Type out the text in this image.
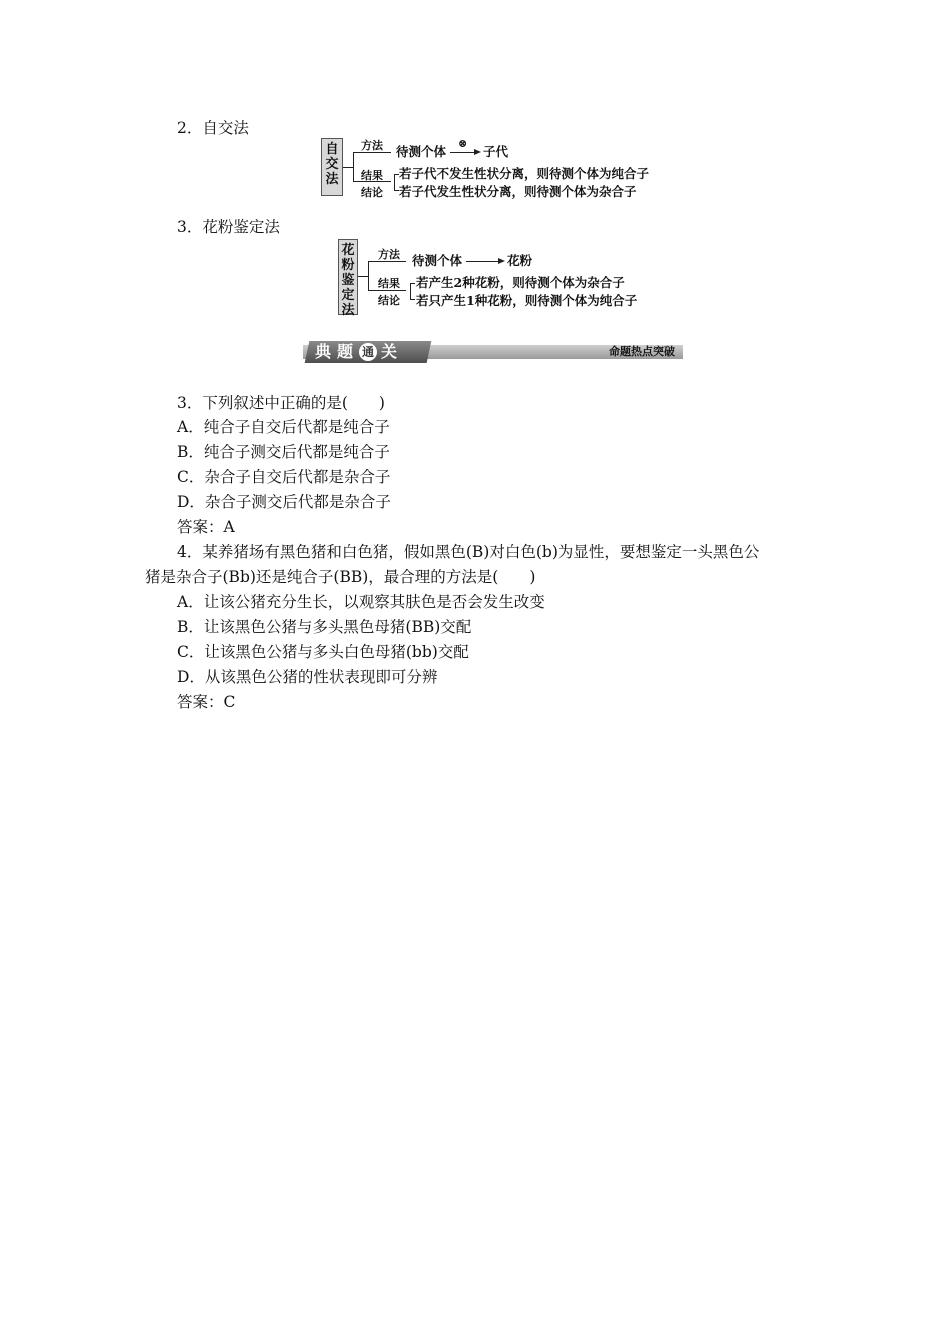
2．自交法
自
交
法
方法
结果
结论
待测个体
⊗
子代
若子代不发生性状分离，则待测个体为纯合子
若子代发生性状分离，则待测个体为杂合子
3．花粉鉴定法
花
粉
鉴
定
法
方法
结果
结论
待测个体	花粉
若产生2种花粉，则待测个体为杂合子
若只产生1种花粉，则待测个体为纯合子
典题 通 关	命题热点突破
3．下列叙述中正确的是(　　)
A．纯合子自交后代都是纯合子
B．纯合子测交后代都是纯合子
C．杂合子自交后代都是杂合子
D．杂合子测交后代都是杂合子
答案：A
4．某养猪场有黑色猪和白色猪，假如黑色(B)对白色(b)为显性，要想鉴定一头黑色公
猪是杂合子(Bb)还是纯合子(BB)，最合理的方法是(　　)
A．让该公猪充分生长，以观察其肤色是否会发生改变
B．让该黑色公猪与多头黑色母猪(BB)交配
C．让该黑色公猪与多头白色母猪(bb)交配
D．从该黑色公猪的性状表现即可分辨
答案：C
